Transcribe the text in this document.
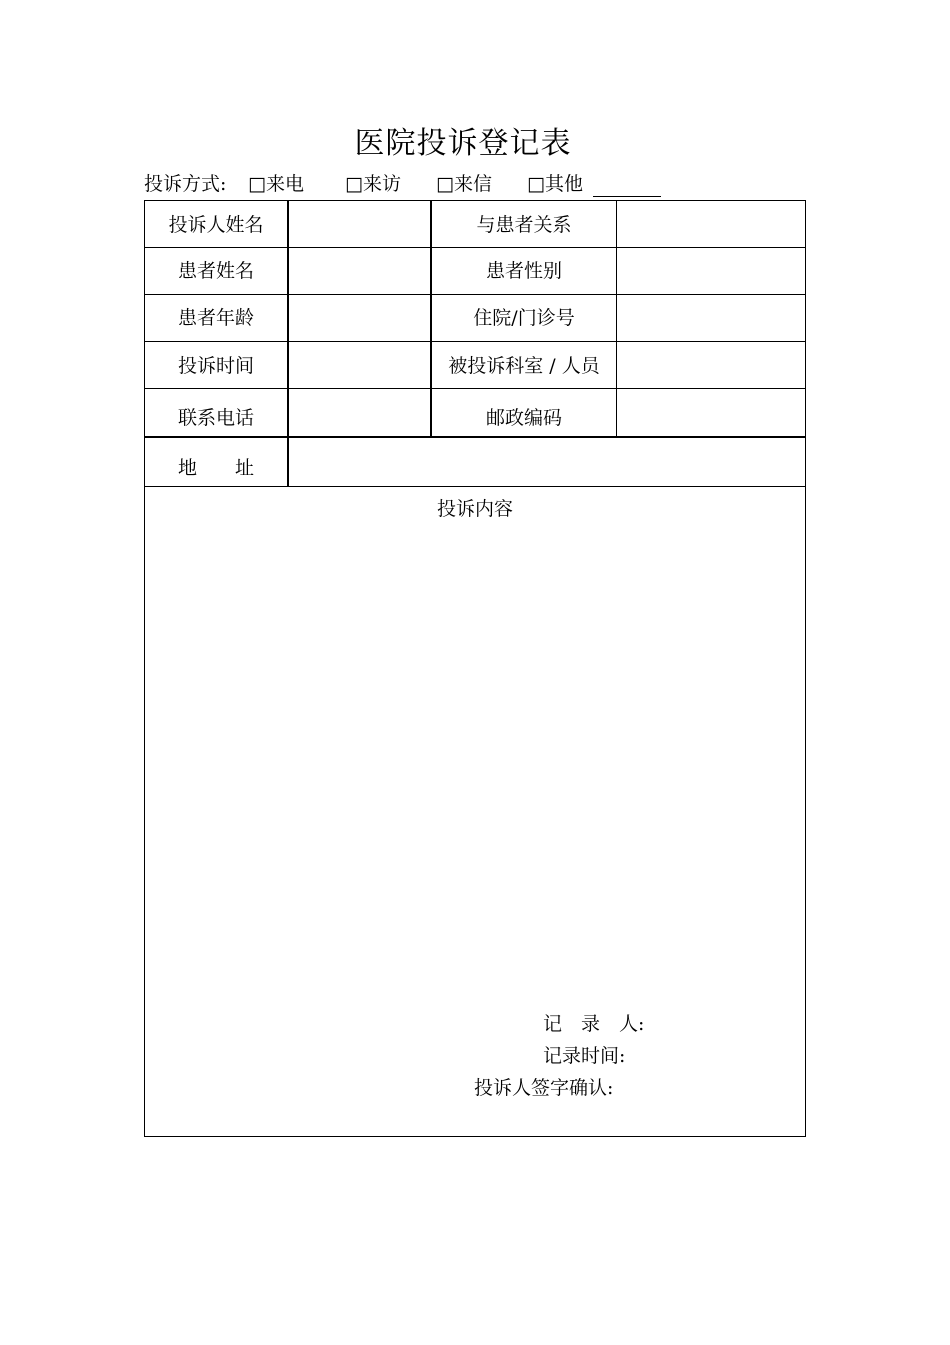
医院投诉登记表
投诉方式: □来电 □来访 □来信 □其他
投诉人姓名	与患者关系
患者姓名	患者性别
患者年龄	住院/门诊号
投诉时间	被投诉科室 / 人员
联系电话	邮政编码
地　　址
投诉内容
记　录　人:
记录时间:
投诉人签字确认:
